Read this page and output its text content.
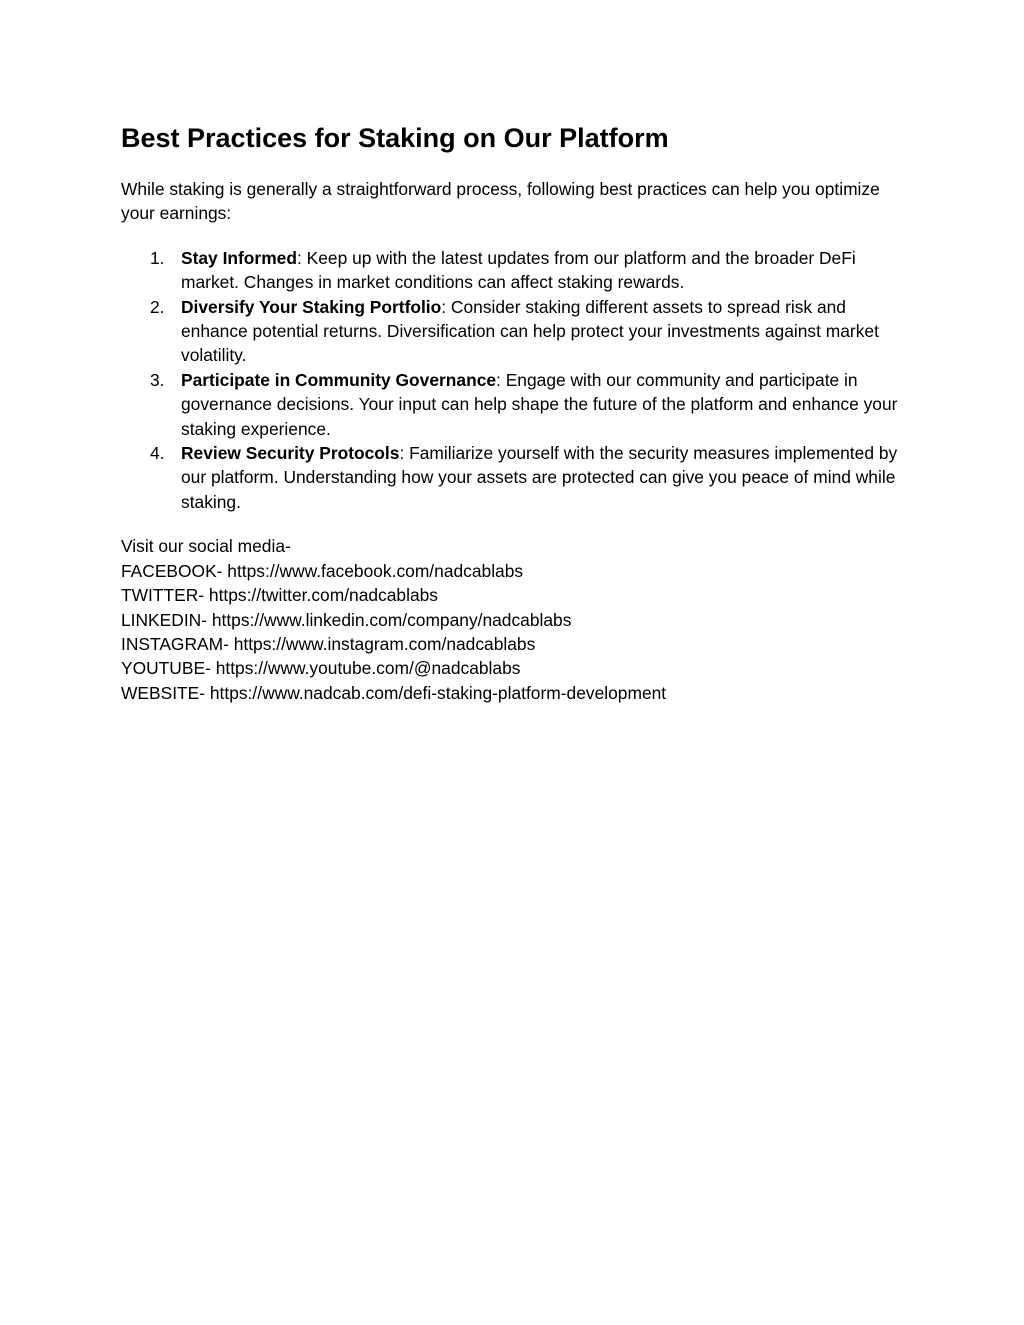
Best Practices for Staking on Our Platform

While staking is generally a straightforward process, following best practices can help you optimize your earnings:

1. Stay Informed: Keep up with the latest updates from our platform and the broader DeFi market. Changes in market conditions can affect staking rewards.
2. Diversify Your Staking Portfolio: Consider staking different assets to spread risk and enhance potential returns. Diversification can help protect your investments against market volatility.
3. Participate in Community Governance: Engage with our community and participate in governance decisions. Your input can help shape the future of the platform and enhance your staking experience.
4. Review Security Protocols: Familiarize yourself with the security measures implemented by our platform. Understanding how your assets are protected can give you peace of mind while staking.
Visit our social media-
FACEBOOK- https://www.facebook.com/nadcablabs
TWITTER- https://twitter.com/nadcablabs
LINKEDIN- https://www.linkedin.com/company/nadcablabs
INSTAGRAM- https://www.instagram.com/nadcablabs
YOUTUBE- https://www.youtube.com/@nadcablabs
WEBSITE- https://www.nadcab.com/defi-staking-platform-development
